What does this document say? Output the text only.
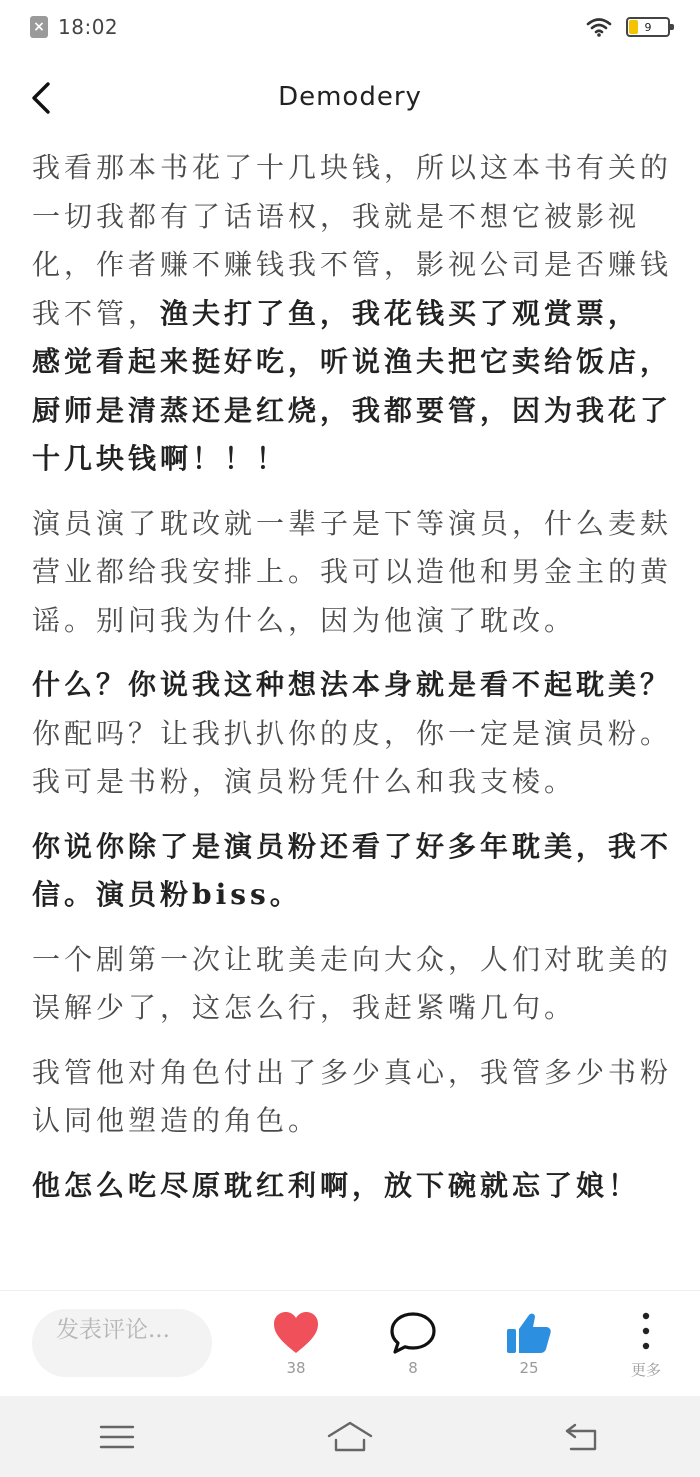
× 18:02	9
Demodery

我看那本书花了十几块钱，所以这本书有关的一切我都有了话语权，我就是不想它被影视化，作者赚不赚钱我不管，影视公司是否赚钱我不管，渔夫打了鱼，我花钱买了观赏票，感觉看起来挺好吃，听说渔夫把它卖给饭店，厨师是清蒸还是红烧，我都要管，因为我花了十几块钱啊！！！

演员演了耽改就一辈子是下等演员，什么麦麸营业都给我安排上。我可以造他和男金主的黄谣。别问我为什么，因为他演了耽改。

什么？你说我这种想法本身就是看不起耽美？你配吗？让我扒扒你的皮，你一定是演员粉。我可是书粉，演员粉凭什么和我支棱。

你说你除了是演员粉还看了好多年耽美，我不信。演员粉biss。

一个剧第一次让耽美走向大众，人们对耽美的误解少了，这怎么行，我赶紧嘴几句。

我管他对角色付出了多少真心，我管多少书粉认同他塑造的角色。

他怎么吃尽原耽红利啊，放下碗就忘了娘！

发表评论...
38	8	25	更多
